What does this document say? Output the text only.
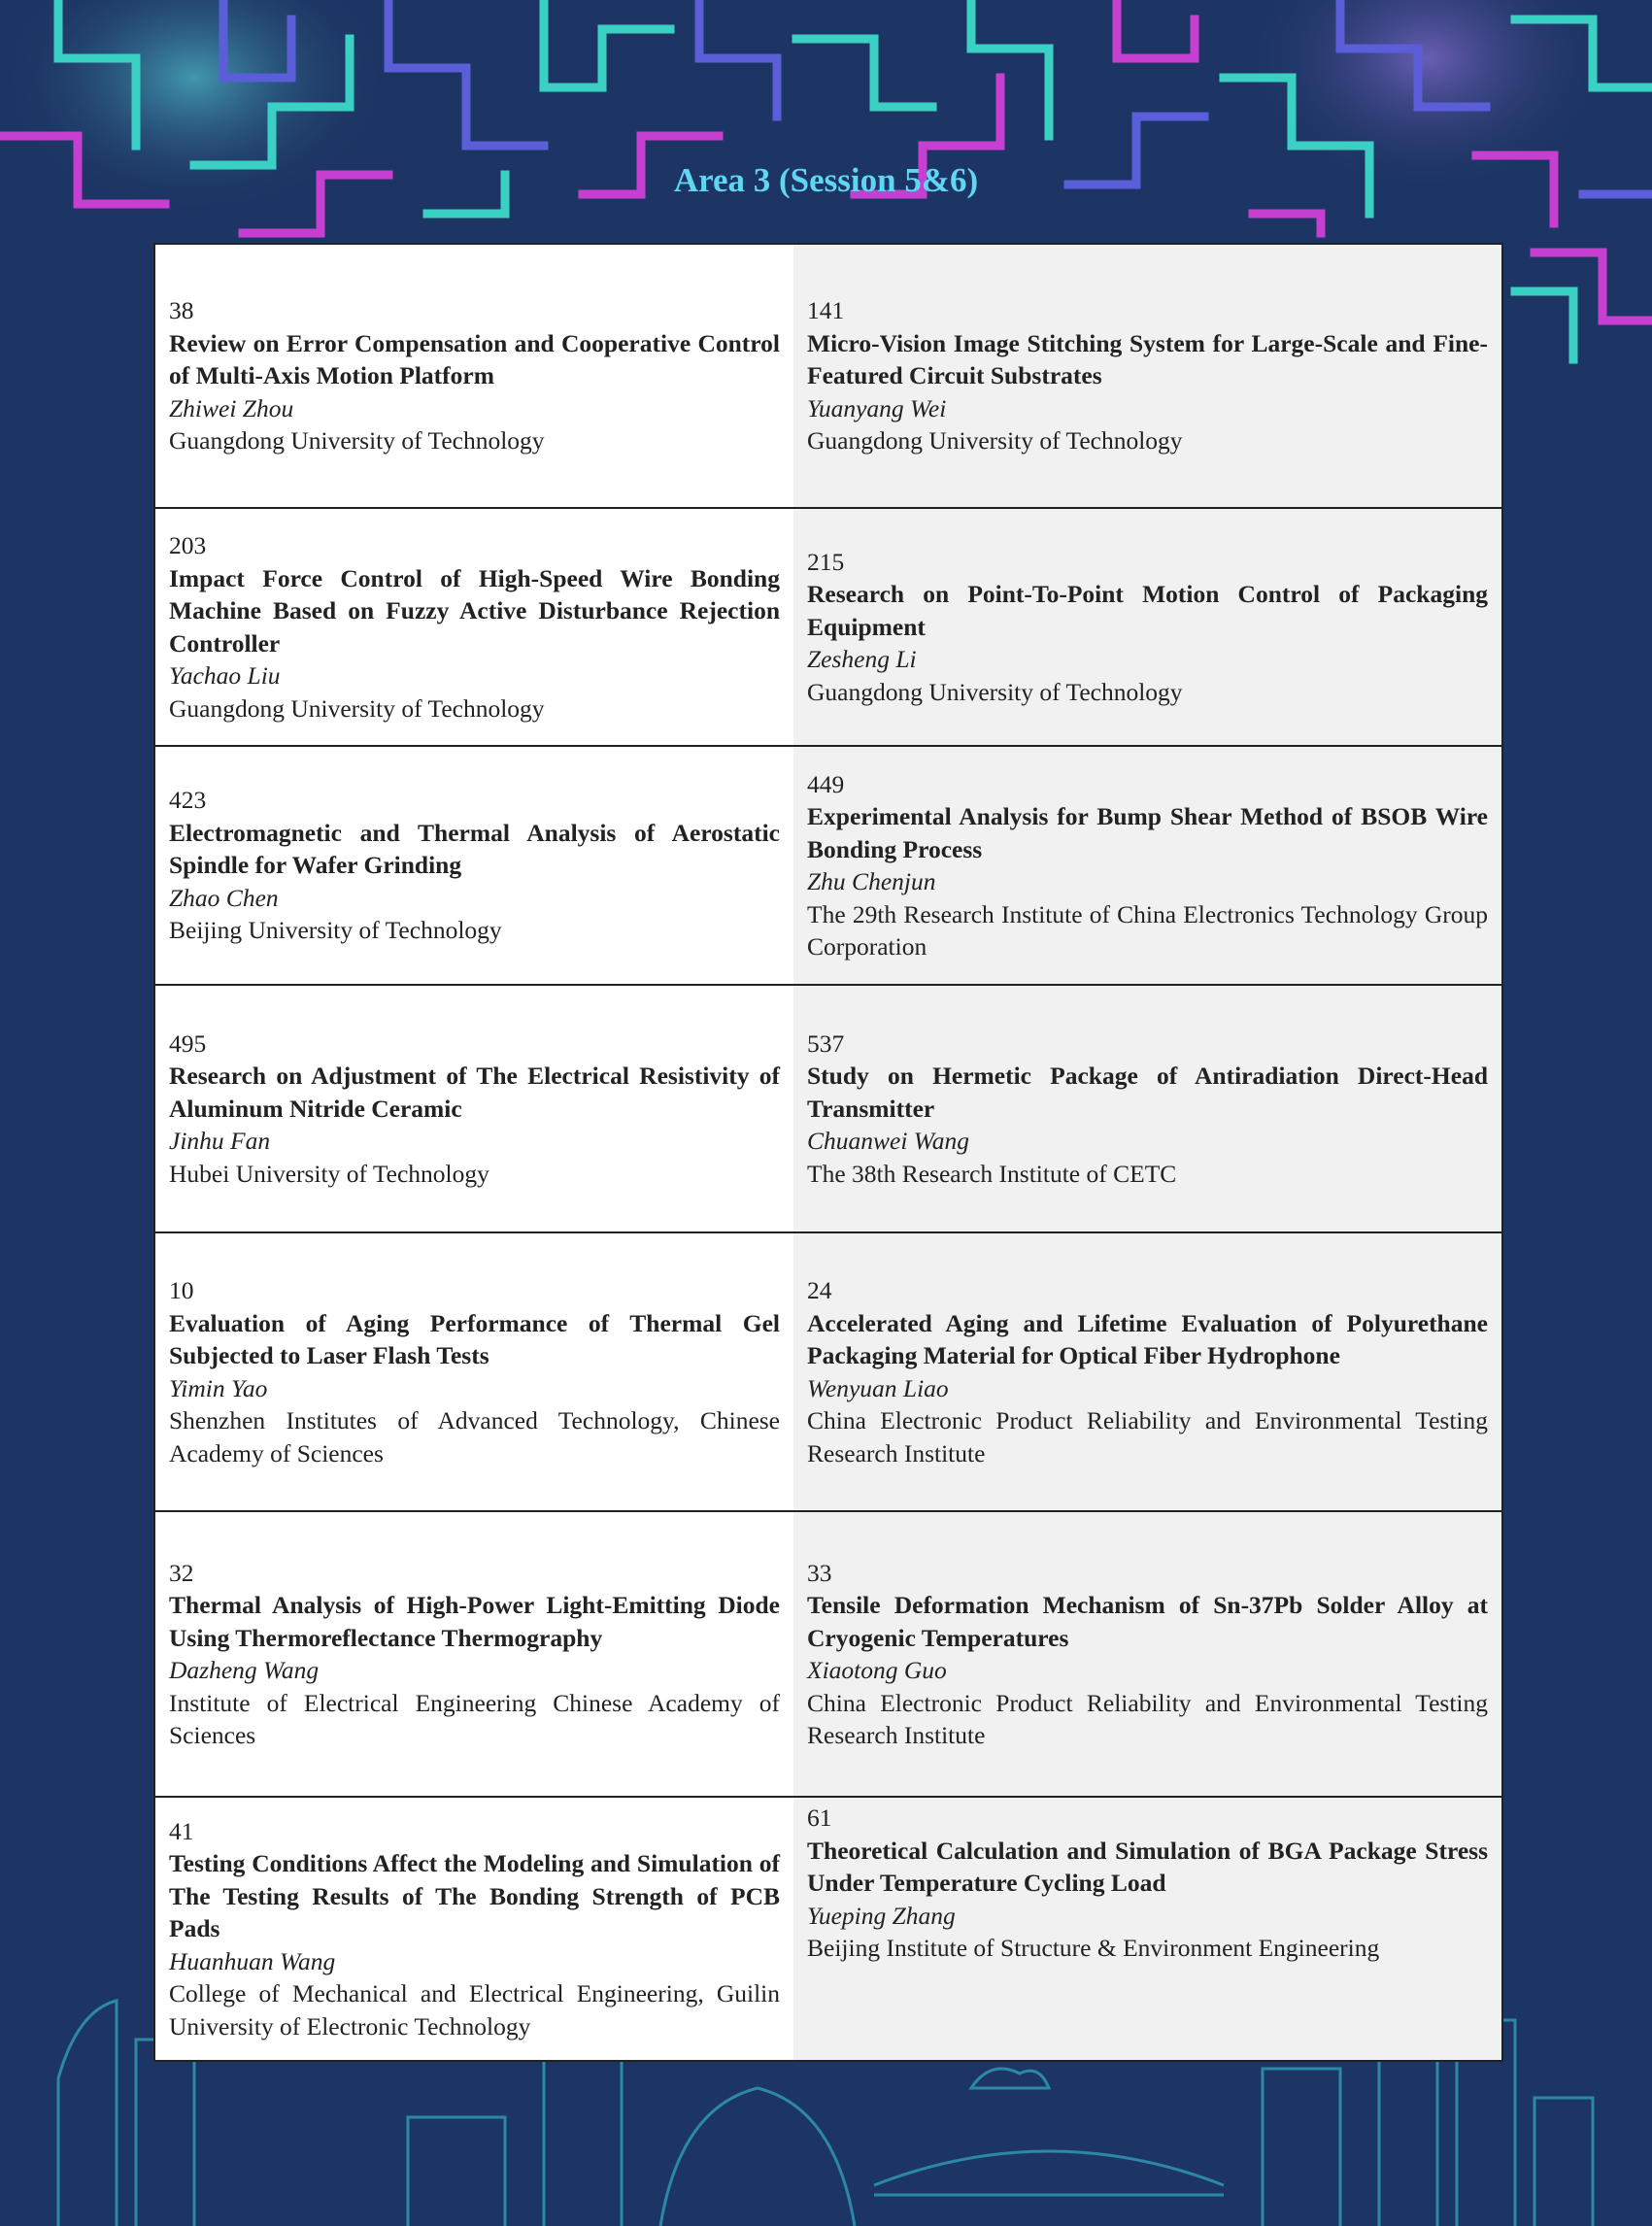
Area 3 (Session 5&6)
38
Review on Error Compensation and Cooperative Control of Multi-Axis Motion Platform
Zhiwei Zhou
Guangdong University of Technology
141
Micro-Vision Image Stitching System for Large-Scale and Fine-Featured Circuit Substrates
Yuanyang Wei
Guangdong University of Technology
203
Impact Force Control of High-Speed Wire Bonding Machine Based on Fuzzy Active Disturbance Rejection Controller
Yachao Liu
Guangdong University of Technology
215
Research on Point-To-Point Motion Control of Packaging Equipment
Zesheng Li
Guangdong University of Technology
423
Electromagnetic and Thermal Analysis of Aerostatic Spindle for Wafer Grinding
Zhao Chen
Beijing University of Technology
449
Experimental Analysis for Bump Shear Method of BSOB Wire Bonding Process
Zhu Chenjun
The 29th Research Institute of China Electronics Technology Group Corporation
495
Research on Adjustment of The Electrical Resistivity of Aluminum Nitride Ceramic
Jinhu Fan
Hubei University of Technology
537
Study on Hermetic Package of Antiradiation Direct-Head Transmitter
Chuanwei Wang
The 38th Research Institute of CETC
10
Evaluation of Aging Performance of Thermal Gel Subjected to Laser Flash Tests
Yimin Yao
Shenzhen Institutes of Advanced Technology, Chinese Academy of Sciences
24
Accelerated Aging and Lifetime Evaluation of Polyurethane Packaging Material for Optical Fiber Hydrophone
Wenyuan Liao
China Electronic Product Reliability and Environmental Testing Research Institute
32
Thermal Analysis of High-Power Light-Emitting Diode Using Thermoreflectance Thermography
Dazheng Wang
Institute of Electrical Engineering Chinese Academy of Sciences
33
Tensile Deformation Mechanism of Sn-37Pb Solder Alloy at Cryogenic Temperatures
Xiaotong Guo
China Electronic Product Reliability and Environmental Testing Research Institute
41
Testing Conditions Affect the Modeling and Simulation of The Testing Results of The Bonding Strength of PCB Pads
Huanhuan Wang
College of Mechanical and Electrical Engineering, Guilin University of Electronic Technology
61
Theoretical Calculation and Simulation of BGA Package Stress Under Temperature Cycling Load
Yueping Zhang
Beijing Institute of Structure & Environment Engineering
